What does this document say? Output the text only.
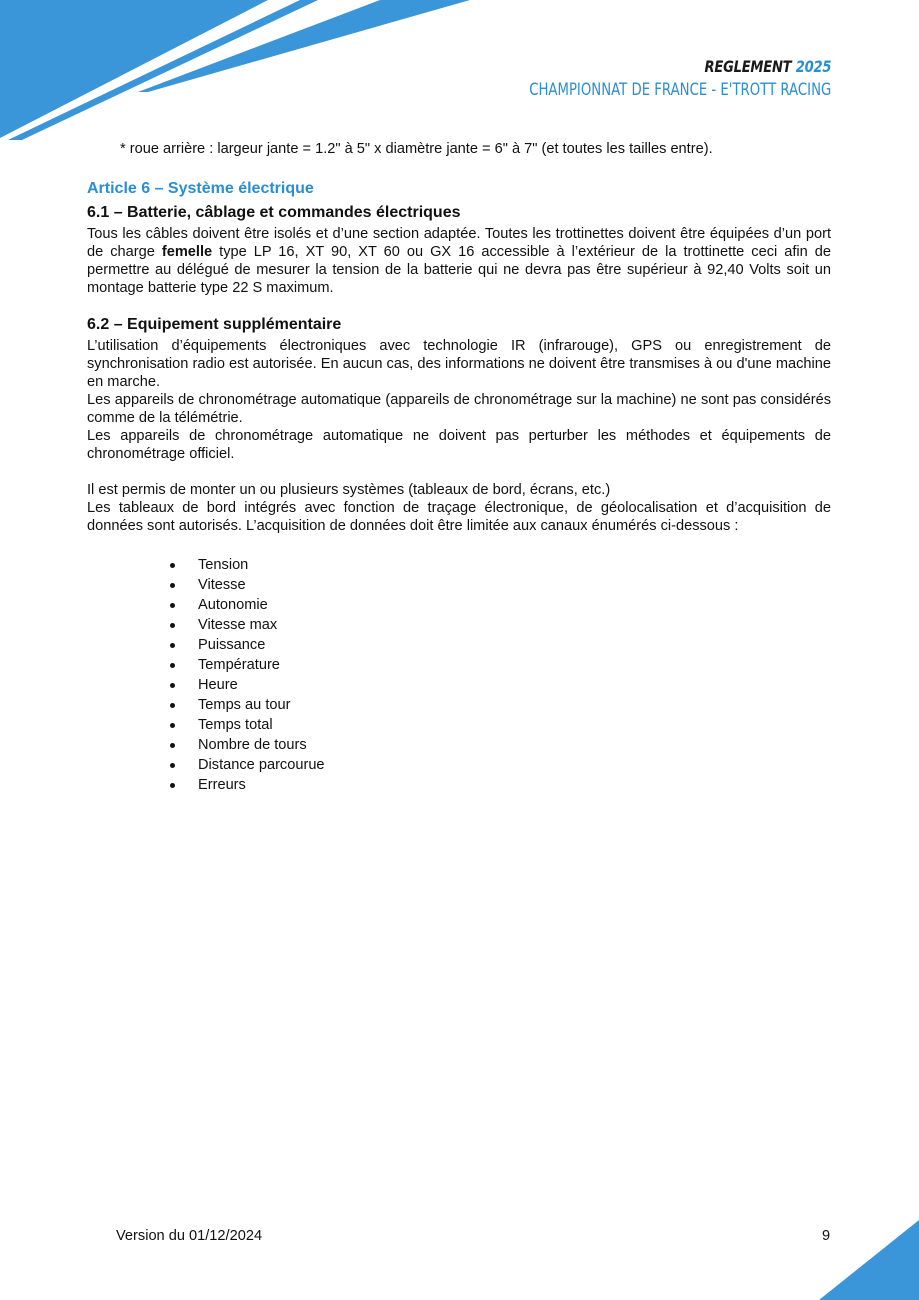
REGLEMENT 2025
CHAMPIONNAT DE FRANCE - E'TROTT RACING

* roue arrière : largeur jante = 1.2" à 5" x diamètre jante = 6" à 7" (et toutes les tailles entre).

Article 6 – Système électrique
6.1 – Batterie, câblage et commandes électriques

Tous les câbles doivent être isolés et d’une section adaptée. Toutes les trottinettes doivent être équipées d’un port de charge femelle type LP 16, XT 90, XT 60 ou GX 16 accessible à l’extérieur de la trottinette ceci afin de permettre au délégué de mesurer la tension de la batterie qui ne devra pas être supérieur à 92,40 Volts soit un montage batterie type 22 S maximum.

6.2 – Equipement supplémentaire

L’utilisation d’équipements électroniques avec technologie IR (infrarouge), GPS ou enregistrement de synchronisation radio est autorisée. En aucun cas, des informations ne doivent être transmises à ou d'une machine en marche.

Les appareils de chronométrage automatique (appareils de chronométrage sur la machine) ne sont pas considérés comme de la télémétrie.

Les appareils de chronométrage automatique ne doivent pas perturber les méthodes et équipements de chronométrage officiel.

Il est permis de monter un ou plusieurs systèmes (tableaux de bord, écrans, etc.)

Les tableaux de bord intégrés avec fonction de traçage électronique, de géolocalisation et d’acquisition de données sont autorisés. L’acquisition de données doit être limitée aux canaux énumérés ci-dessous :

Tension
Vitesse
Autonomie
Vitesse max
Puissance
Température
Heure
Temps au tour
Temps total
Nombre de tours
Distance parcourue
Erreurs
Version du 01/12/2024	9
